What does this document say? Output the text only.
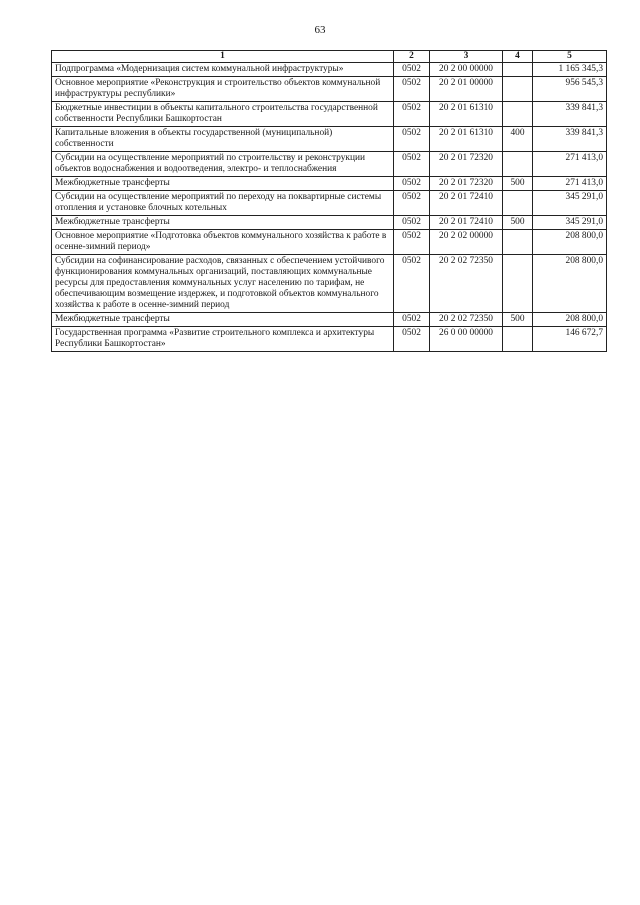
63
1	2	3	4	5
Подпрограмма «Модернизация систем коммунальной инфраструктуры»	0502	20 2 00 00000		1 165 345,3
Основное мероприятие «Реконструкция и строительство объектов коммунальной инфраструктуры республики»	0502	20 2 01 00000		956 545,3
Бюджетные инвестиции в объекты капитального строительства государственной собственности Республики Башкортостан	0502	20 2 01 61310		339 841,3
Капитальные вложения в объекты государственной (муниципальной) собственности	0502	20 2 01 61310	400	339 841,3
Субсидии на осуществление мероприятий по строительству и реконструкции объектов водоснабжения и водоотведения, электро- и теплоснабжения	0502	20 2 01 72320		271 413,0
Межбюджетные трансферты	0502	20 2 01 72320	500	271 413,0
Субсидии на осуществление мероприятий по переходу на поквартирные системы отопления и установке блочных котельных	0502	20 2 01 72410		345 291,0
Межбюджетные трансферты	0502	20 2 01 72410	500	345 291,0
Основное мероприятие «Подготовка объектов коммунального хозяйства к работе в осенне-зимний период»	0502	20 2 02 00000		208 800,0
Субсидии на софинансирование расходов, связанных с обеспечением устойчивого функционирования коммунальных организаций, поставляющих коммунальные ресурсы для предоставления коммунальных услуг населению по тарифам, не обеспечивающим возмещение издержек, и подготовкой объектов коммунального хозяйства к работе в осенне-зимний период	0502	20 2 02 72350		208 800,0
Межбюджетные трансферты	0502	20 2 02 72350	500	208 800,0
Государственная программа «Развитие строительного комплекса и архитектуры Республики Башкортостан»	0502	26 0 00 00000		146 672,7
